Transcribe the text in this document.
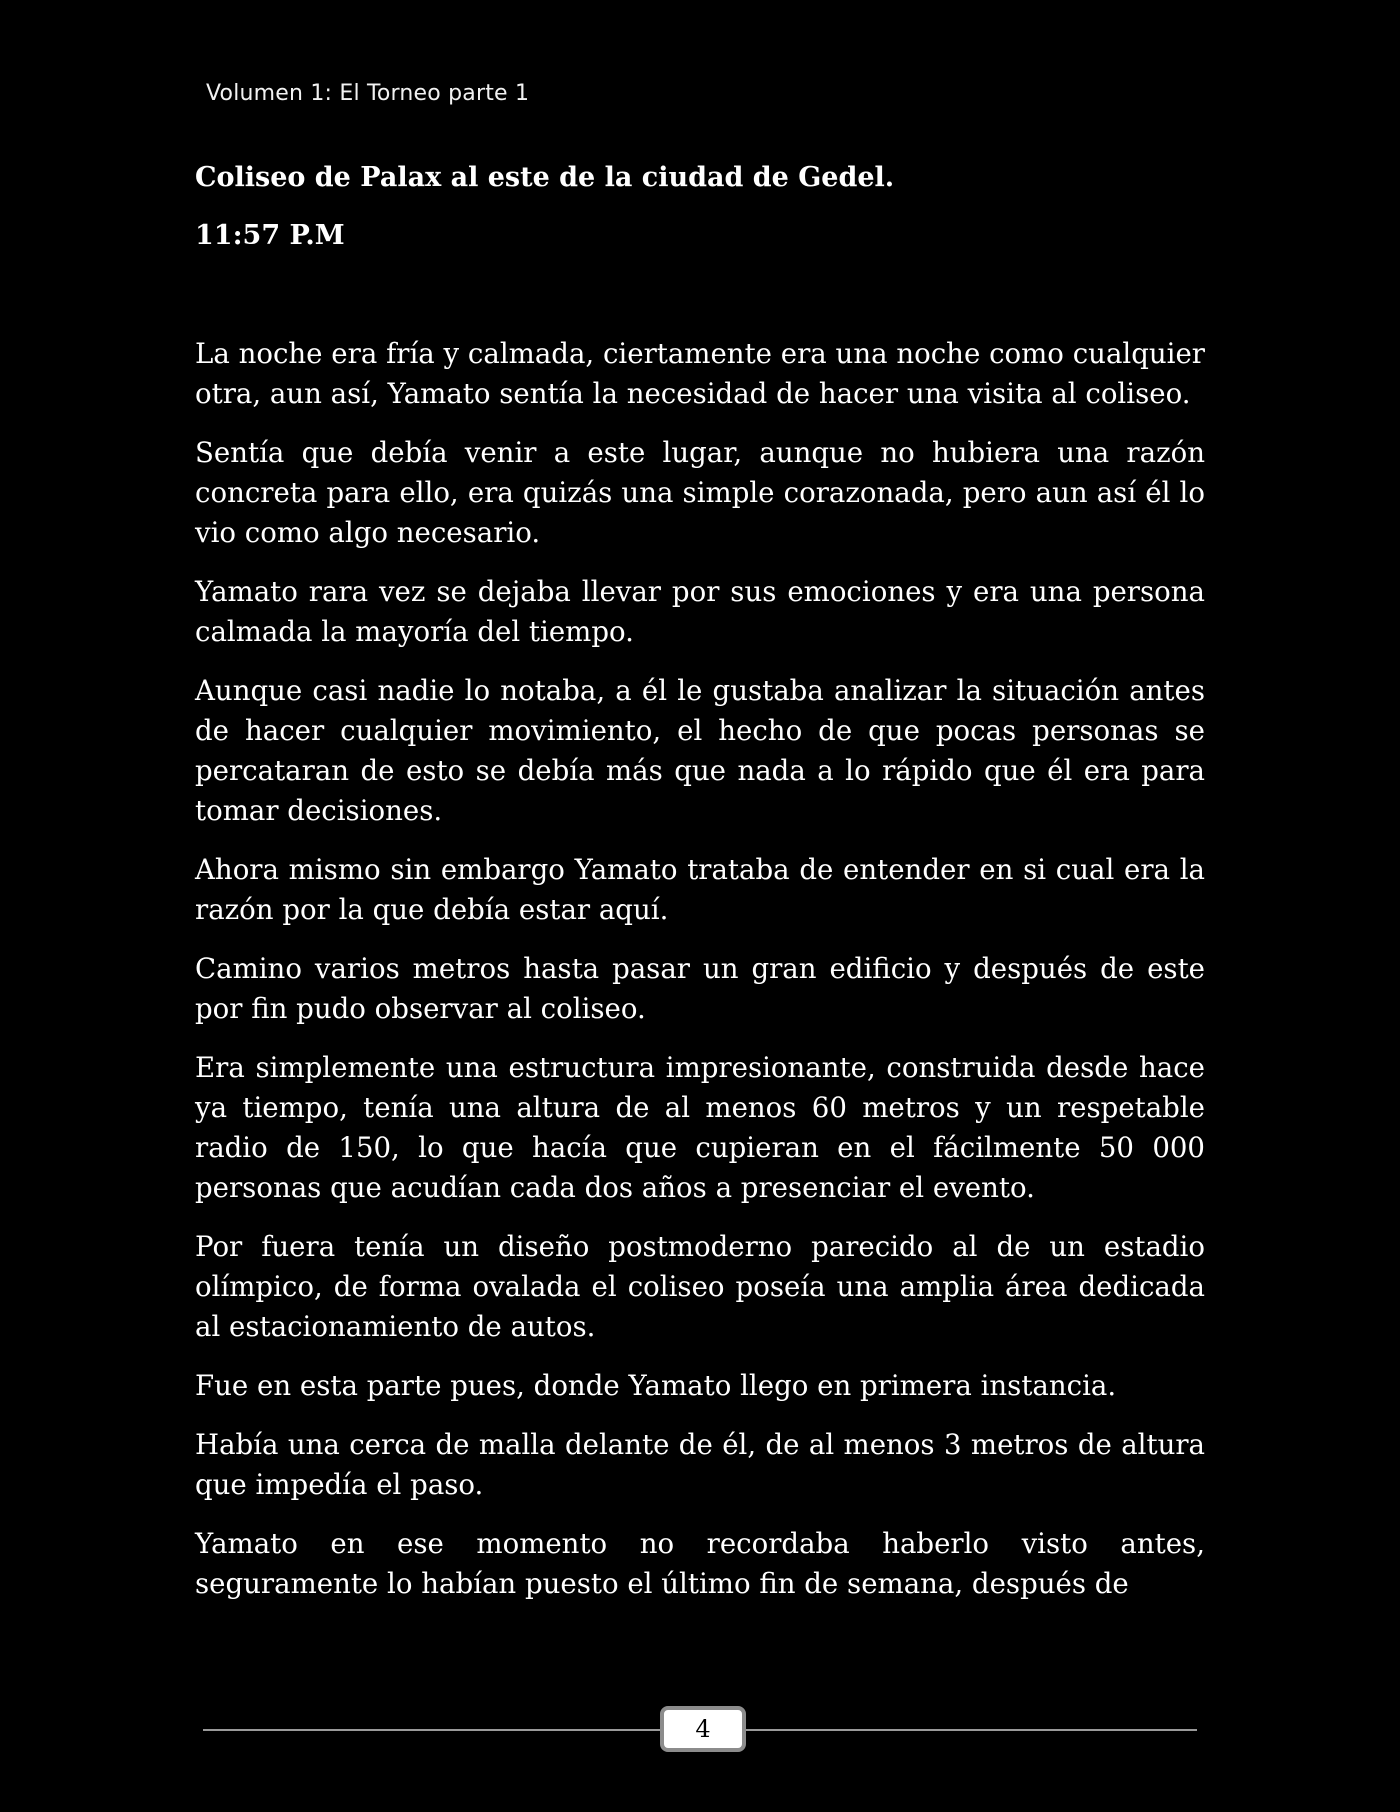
Volumen 1: El Torneo parte 1
Coliseo de Palax al este de la ciudad de Gedel.
11:57 P.M

La noche era fría y calmada, ciertamente era una noche como cualquier otra, aun así, Yamato sentía la necesidad de hacer una visita al coliseo.

Sentía que debía venir a este lugar, aunque no hubiera una razón concreta para ello, era quizás una simple corazonada, pero aun así él lo vio como algo necesario.

Yamato rara vez se dejaba llevar por sus emociones y era una persona calmada la mayoría del tiempo.

Aunque casi nadie lo notaba, a él le gustaba analizar la situación antes de hacer cualquier movimiento, el hecho de que pocas personas se percataran de esto se debía más que nada a lo rápido que él era para tomar decisiones.

Ahora mismo sin embargo Yamato trataba de entender en si cual era la razón por la que debía estar aquí.

Camino varios metros hasta pasar un gran edificio y después de este por fin pudo observar al coliseo.

Era simplemente una estructura impresionante, construida desde hace ya tiempo, tenía una altura de al menos 60 metros y un respetable radio de 150, lo que hacía que cupieran en el fácilmente 50 000 personas que acudían cada dos años a presenciar el evento.

Por fuera tenía un diseño postmoderno parecido al de un estadio olímpico, de forma ovalada el coliseo poseía una amplia área dedicada al estacionamiento de autos.

Fue en esta parte pues, donde Yamato llego en primera instancia.

Había una cerca de malla delante de él, de al menos 3 metros de altura que impedía el paso.

Yamato en ese momento no recordaba haberlo visto antes, seguramente lo habían puesto el último fin de semana, después de

4
